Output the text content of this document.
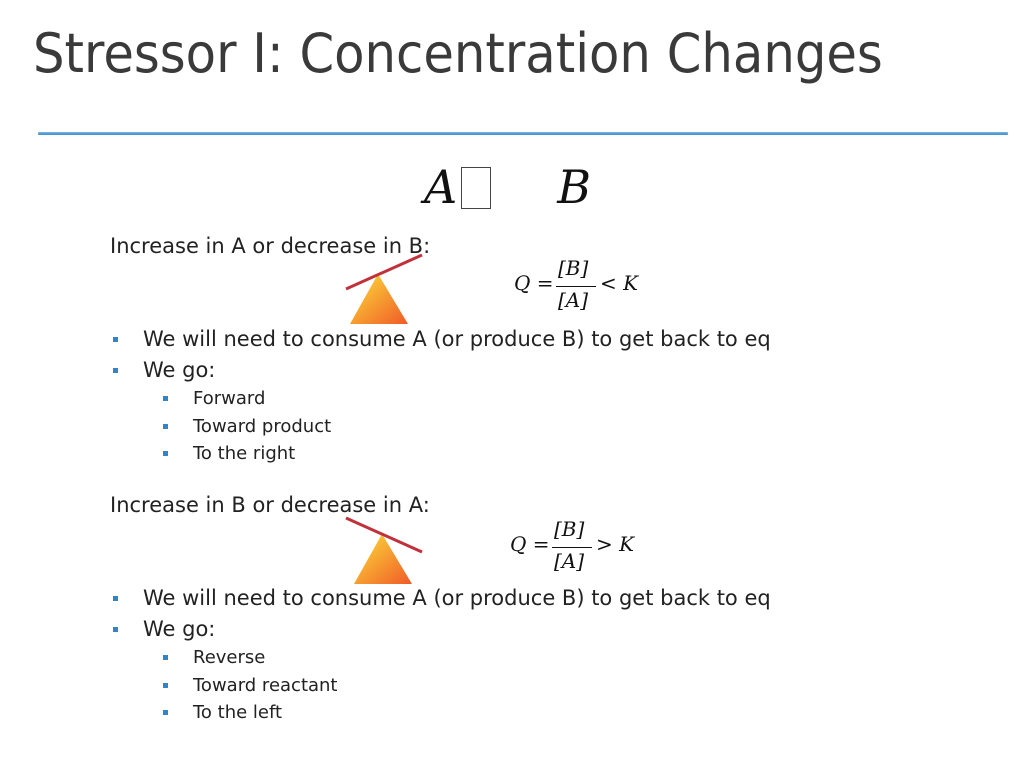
Stressor I: Concentration Changes
A B
Increase in A or decrease in B:
Q =
[B]
[A]
< K
We will need to consume A (or produce B) to get back to eq
We go:
Forward
Toward product
To the right
Increase in B or decrease in A:
Q =
[B]
[A]
> K
We will need to consume A (or produce B) to get back to eq
We go:
Reverse
Toward reactant
To the left
